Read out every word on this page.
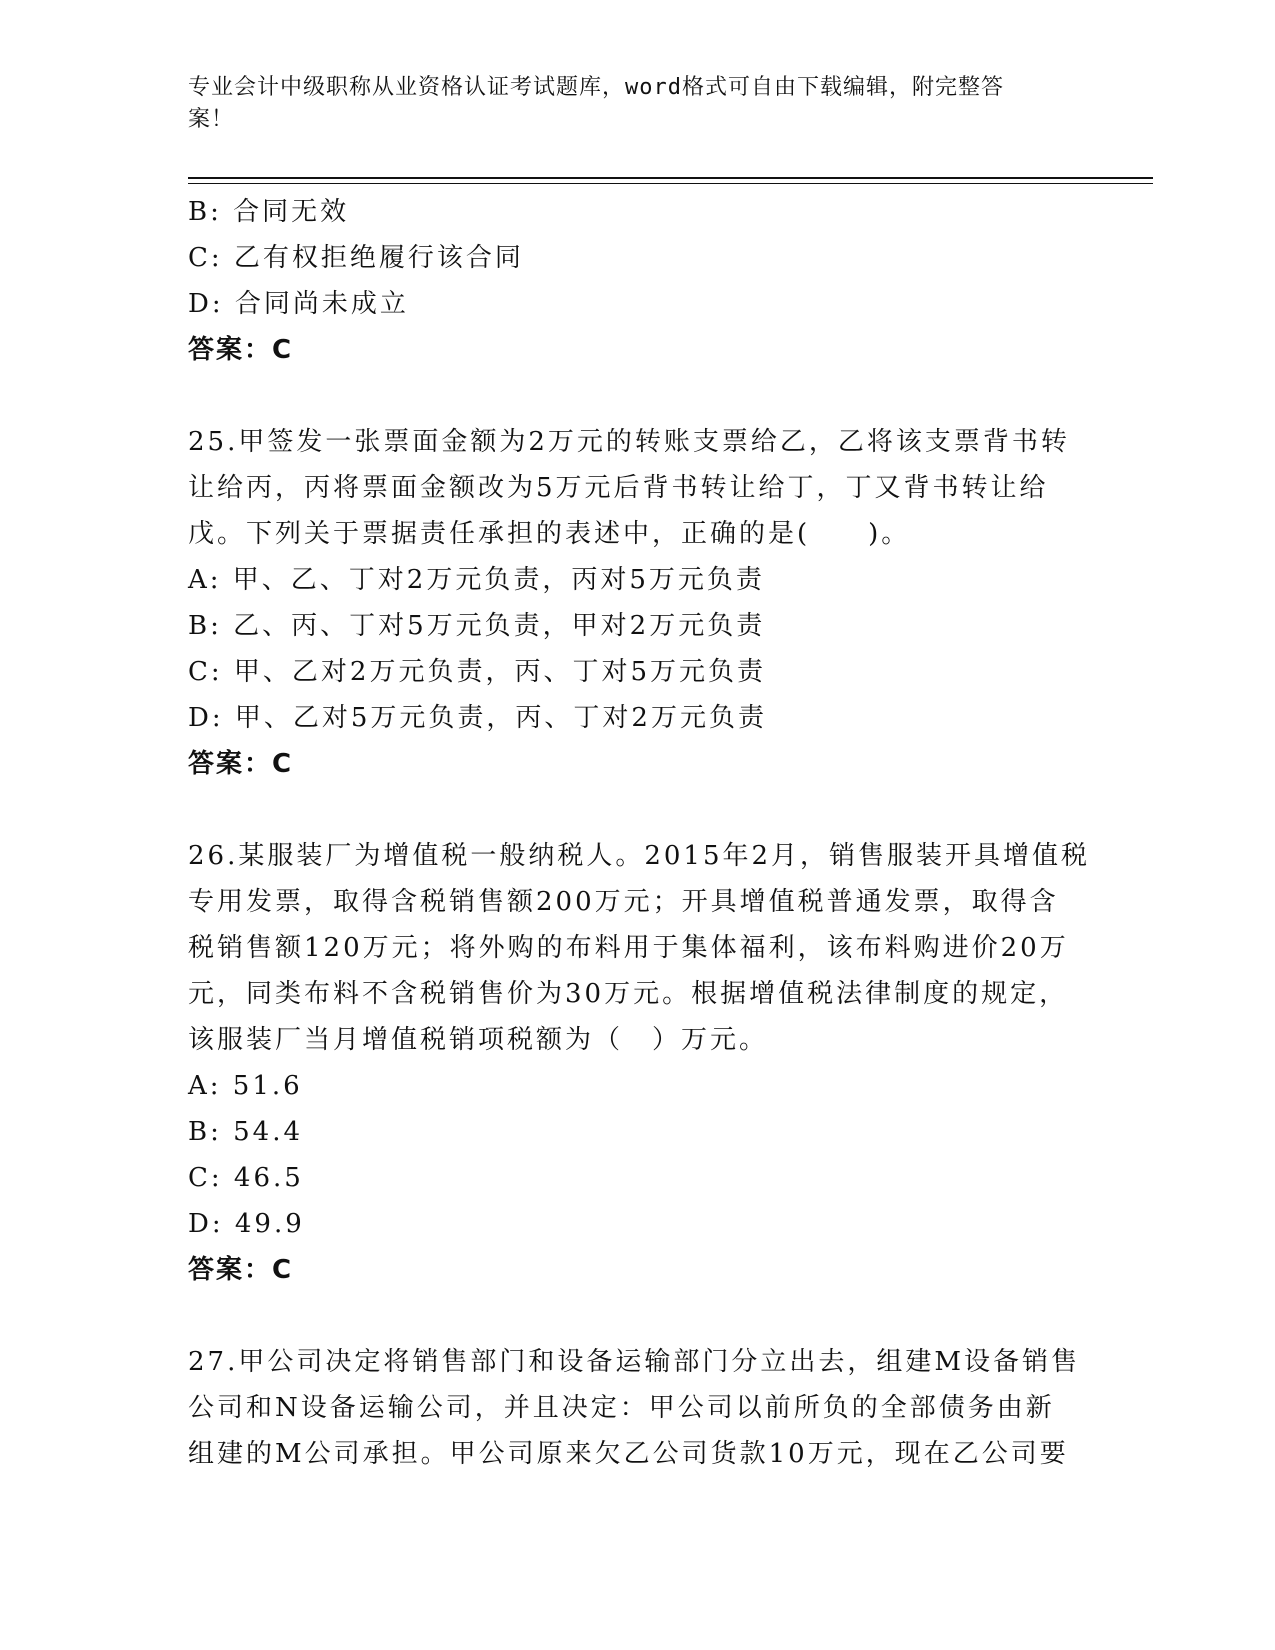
专业会计中级职称从业资格认证考试题库，word格式可自由下载编辑，附完整答
案！
B: 合同无效
C: 乙有权拒绝履行该合同
D: 合同尚未成立
答案：C
25.甲签发一张票面金额为2万元的转账支票给乙，乙将该支票背书转
让给丙，丙将票面金额改为5万元后背书转让给丁，丁又背书转让给
戊。下列关于票据责任承担的表述中，正确的是(　　)。
A: 甲、乙、丁对2万元负责，丙对5万元负责
B: 乙、丙、丁对5万元负责，甲对2万元负责
C: 甲、乙对2万元负责，丙、丁对5万元负责
D: 甲、乙对5万元负责，丙、丁对2万元负责
答案：C
26.某服装厂为增值税一般纳税人。2015年2月，销售服装开具增值税
专用发票，取得含税销售额200万元；开具增值税普通发票，取得含
税销售额120万元；将外购的布料用于集体福利，该布料购进价20万
元，同类布料不含税销售价为30万元。根据增值税法律制度的规定，
该服装厂当月增值税销项税额为（　）万元。
A: 51.6
B: 54.4
C: 46.5
D: 49.9
答案：C
27.甲公司决定将销售部门和设备运输部门分立出去，组建M设备销售
公司和N设备运输公司，并且决定：甲公司以前所负的全部债务由新
组建的M公司承担。甲公司原来欠乙公司货款10万元，现在乙公司要
